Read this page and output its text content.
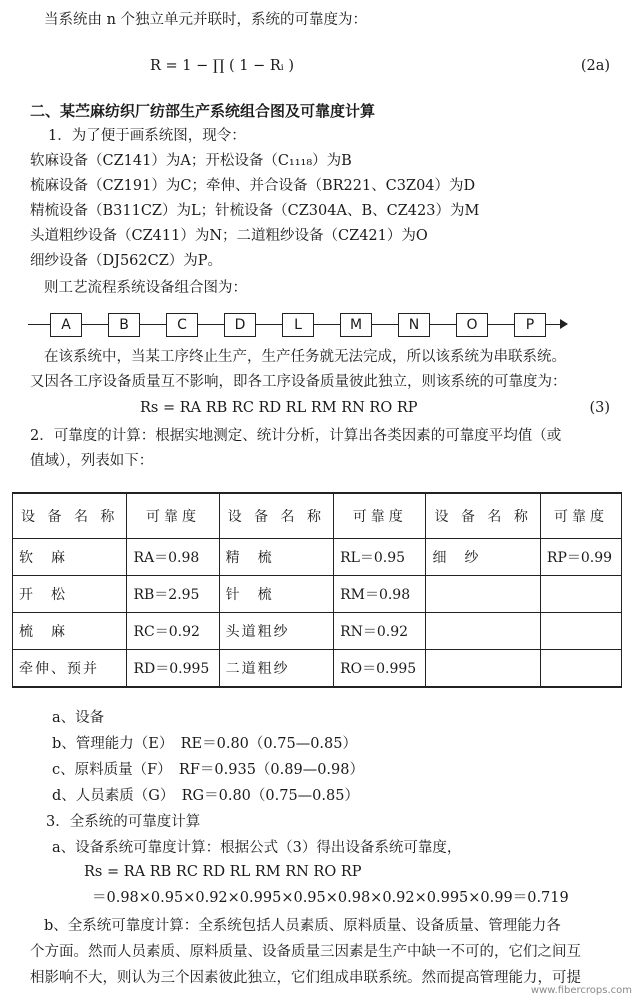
当系统由 n 个独立单元并联时，系统的可靠度为：
R = 1 − ∏ ( 1 − Rᵢ )	(2a)
二、某苎麻纺织厂纺部生产系统组合图及可靠度计算
1．为了便于画系统图，现令：
软麻设备（CZ141）为A；开松设备（C₁₁₁₈）为B
梳麻设备（CZ191）为C；牵伸、并合设备（BR221、C3Z04）为D
精梳设备（B311CZ）为L；针梳设备（CZ304A、B、CZ423）为M
头道粗纱设备（CZ411）为N；二道粗纱设备（CZ421）为O
细纱设备（DJ562CZ）为P。
则工艺流程系统设备组合图为：
A	B	C	D	L	M	N	O	P
在该系统中，当某工序终止生产，生产任务就无法完成，所以该系统为串联系统。
又因各工序设备质量互不影响，即各工序设备质量彼此独立，则该系统的可靠度为：
Rs = RA RB RC RD RL RM RN RO RP	(3)
2．可靠度的计算：根据实地测定、统计分析，计算出各类因素的可靠度平均值（或
值域），列表如下：
设 备 名 称	可靠度	设 备 名 称	可靠度	设 备 名 称	可靠度
软　麻	RA＝0.98	精　梳	RL＝0.95	细　纱	RP＝0.99
开　松	RB＝2.95	针　梳	RM＝0.98		
梳　麻	RC＝0.92	头道粗纱	RN＝0.92		
牵伸、预并	RD＝0.995	二道粗纱	RO＝0.995		
a、设备
b、管理能力（E）　RE＝0.80（0.75—0.85）
c、原料质量（F）　RF＝0.935（0.89—0.98）
d、人员素质（G）　RG＝0.80（0.75—0.85）
3．全系统的可靠度计算
a、设备系统可靠度计算：根据公式（3）得出设备系统可靠度，
Rs = RA RB RC RD RL RM RN RO RP
＝0.98×0.95×0.92×0.995×0.95×0.98×0.92×0.995×0.99＝0.719
b、全系统可靠度计算：全系统包括人员素质、原料质量、设备质量、管理能力各
个方面。然而人员素质、原料质量、设备质量三因素是生产中缺一不可的，它们之间互
相影响不大，则认为三个因素彼此独立，它们组成串联系统。然而提高管理能力，可提
www.fibercrops.com
